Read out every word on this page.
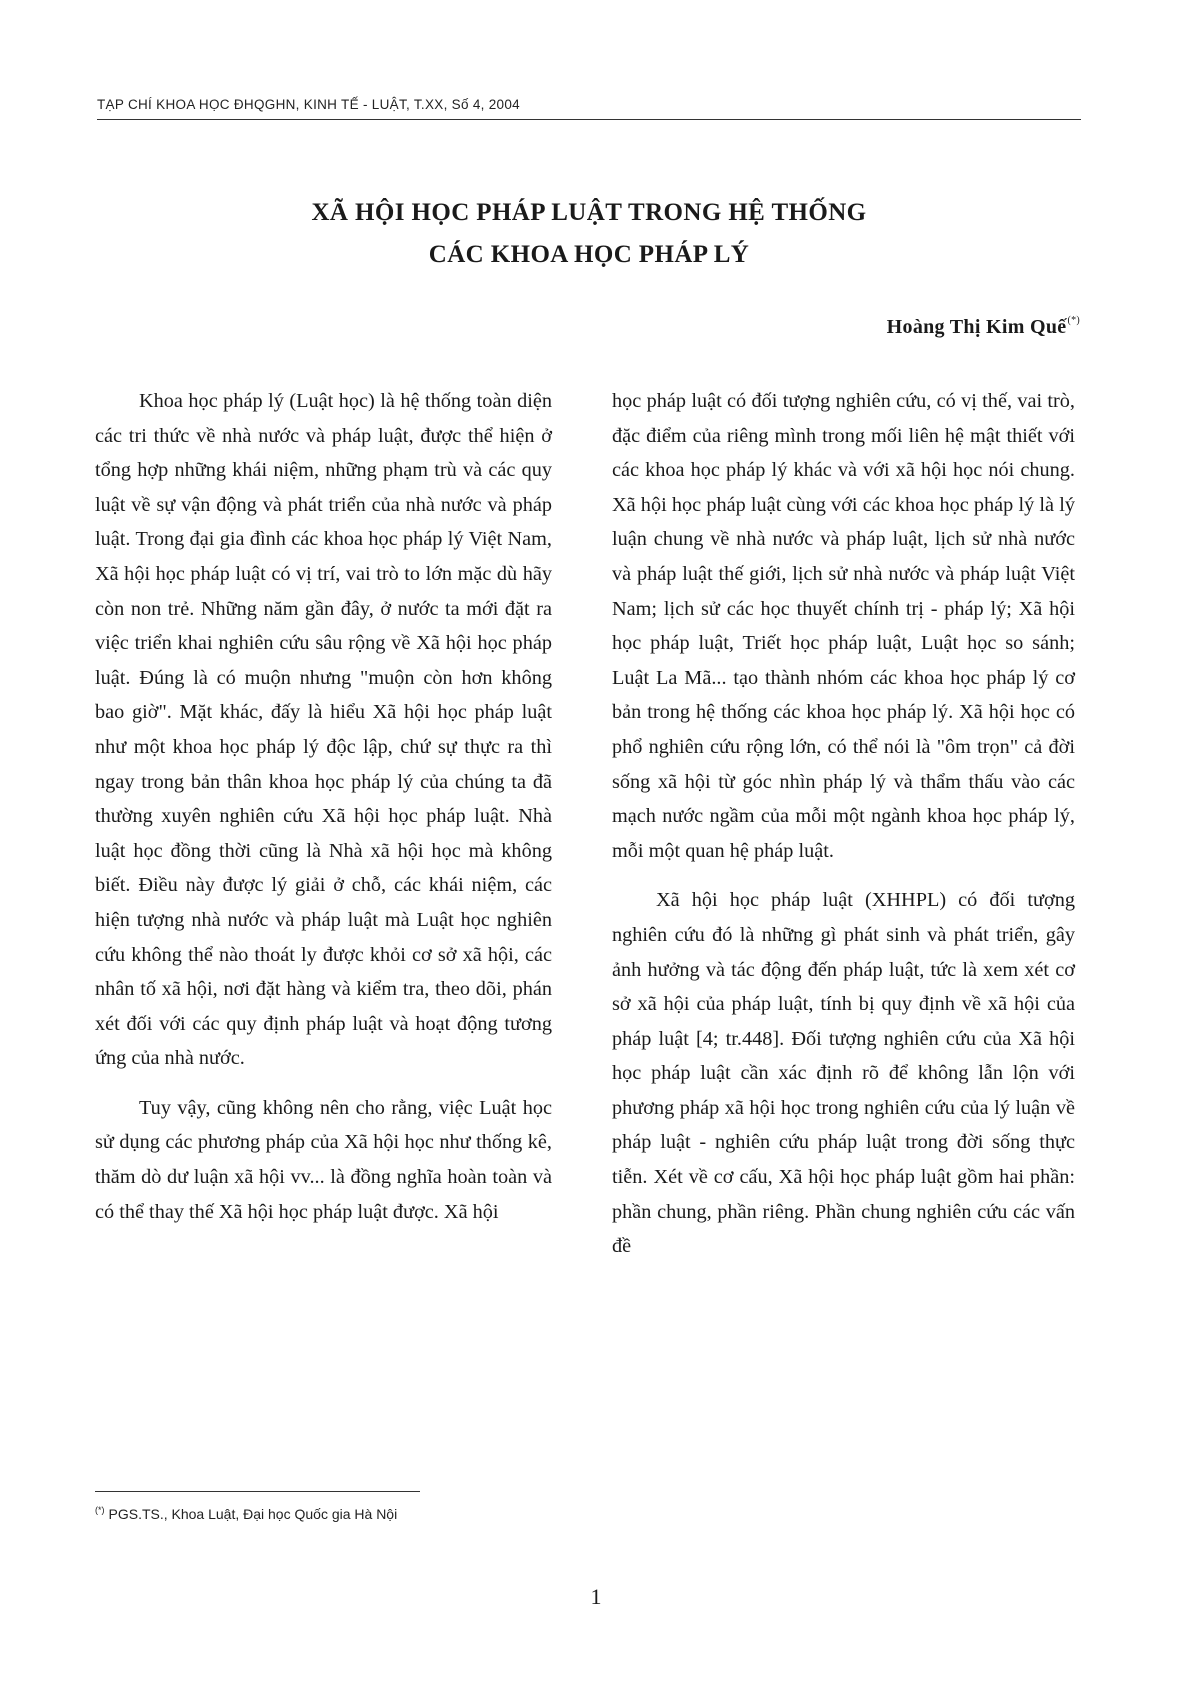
TẠP CHÍ KHOA HỌC ĐHQGHN, KINH TẾ - LUẬT, T.XX, Số 4, 2004
XÃ HỘI HỌC PHÁP LUẬT TRONG HỆ THỐNG
CÁC KHOA HỌC PHÁP LÝ
Hoàng Thị Kim Quế(*)

Khoa học pháp lý (Luật học) là hệ thống toàn diện các tri thức về nhà nước và pháp luật, được thể hiện ở tổng hợp những khái niệm, những phạm trù và các quy luật về sự vận động và phát triển của nhà nước và pháp luật. Trong đại gia đình các khoa học pháp lý Việt Nam, Xã hội học pháp luật có vị trí, vai trò to lớn mặc dù hãy còn non trẻ. Những năm gần đây, ở nước ta mới đặt ra việc triển khai nghiên cứu sâu rộng về Xã hội học pháp luật. Đúng là có muộn nhưng "muộn còn hơn không bao giờ". Mặt khác, đấy là hiểu Xã hội học pháp luật như một khoa học pháp lý độc lập, chứ sự thực ra thì ngay trong bản thân khoa học pháp lý của chúng ta đã thường xuyên nghiên cứu Xã hội học pháp luật. Nhà luật học đồng thời cũng là Nhà xã hội học mà không biết. Điều này được lý giải ở chỗ, các khái niệm, các hiện tượng nhà nước và pháp luật mà Luật học nghiên cứu không thể nào thoát ly được khỏi cơ sở xã hội, các nhân tố xã hội, nơi đặt hàng và kiểm tra, theo dõi, phán xét đối với các quy định pháp luật và hoạt động tương ứng của nhà nước.

Tuy vậy, cũng không nên cho rằng, việc Luật học sử dụng các phương pháp của Xã hội học như thống kê, thăm dò dư luận xã hội vv... là đồng nghĩa hoàn toàn và có thể thay thế Xã hội học pháp luật được. Xã hội

học pháp luật có đối tượng nghiên cứu, có vị thế, vai trò, đặc điểm của riêng mình trong mối liên hệ mật thiết với các khoa học pháp lý khác và với xã hội học nói chung. Xã hội học pháp luật cùng với các khoa học pháp lý là lý luận chung về nhà nước và pháp luật, lịch sử nhà nước và pháp luật thế giới, lịch sử nhà nước và pháp luật Việt Nam; lịch sử các học thuyết chính trị - pháp lý; Xã hội học pháp luật, Triết học pháp luật, Luật học so sánh; Luật La Mã... tạo thành nhóm các khoa học pháp lý cơ bản trong hệ thống các khoa học pháp lý. Xã hội học có phổ nghiên cứu rộng lớn, có thể nói là "ôm trọn" cả đời sống xã hội từ góc nhìn pháp lý và thẩm thấu vào các mạch nước ngầm của mỗi một ngành khoa học pháp lý, mỗi một quan hệ pháp luật.

Xã hội học pháp luật (XHHPL) có đối tượng nghiên cứu đó là những gì phát sinh và phát triển, gây ảnh hưởng và tác động đến pháp luật, tức là xem xét cơ sở xã hội của pháp luật, tính bị quy định về xã hội của pháp luật [4; tr.448]. Đối tượng nghiên cứu của Xã hội học pháp luật cần xác định rõ để không lẫn lộn với phương pháp xã hội học trong nghiên cứu của lý luận về pháp luật - nghiên cứu pháp luật trong đời sống thực tiễn. Xét về cơ cấu, Xã hội học pháp luật gồm hai phần: phần chung, phần riêng. Phần chung nghiên cứu các vấn đề

(*) PGS.TS., Khoa Luật, Đại học Quốc gia Hà Nội
1
